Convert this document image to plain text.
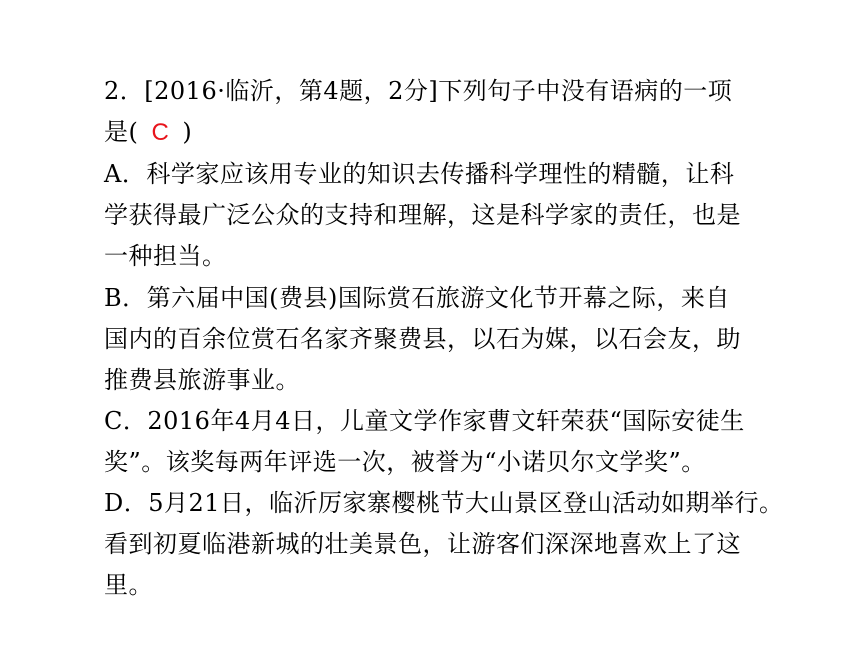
2．[2016·临沂，第4题，2分]下列句子中没有语病的一项
是( C )
A．科学家应该用专业的知识去传播科学理性的精髓，让科
学获得最广泛公众的支持和理解，这是科学家的责任，也是
一种担当。
B．第六届中国(费县)国际赏石旅游文化节开幕之际，来自
国内的百余位赏石名家齐聚费县，以石为媒，以石会友，助
推费县旅游事业。
C．2016年4月4日，儿童文学作家曹文轩荣获“国际安徒生
奖”。该奖每两年评选一次，被誉为“小诺贝尔文学奖”。
D．5月21日，临沂厉家寨樱桃节大山景区登山活动如期举行。
看到初夏临港新城的壮美景色，让游客们深深地喜欢上了这
里。
